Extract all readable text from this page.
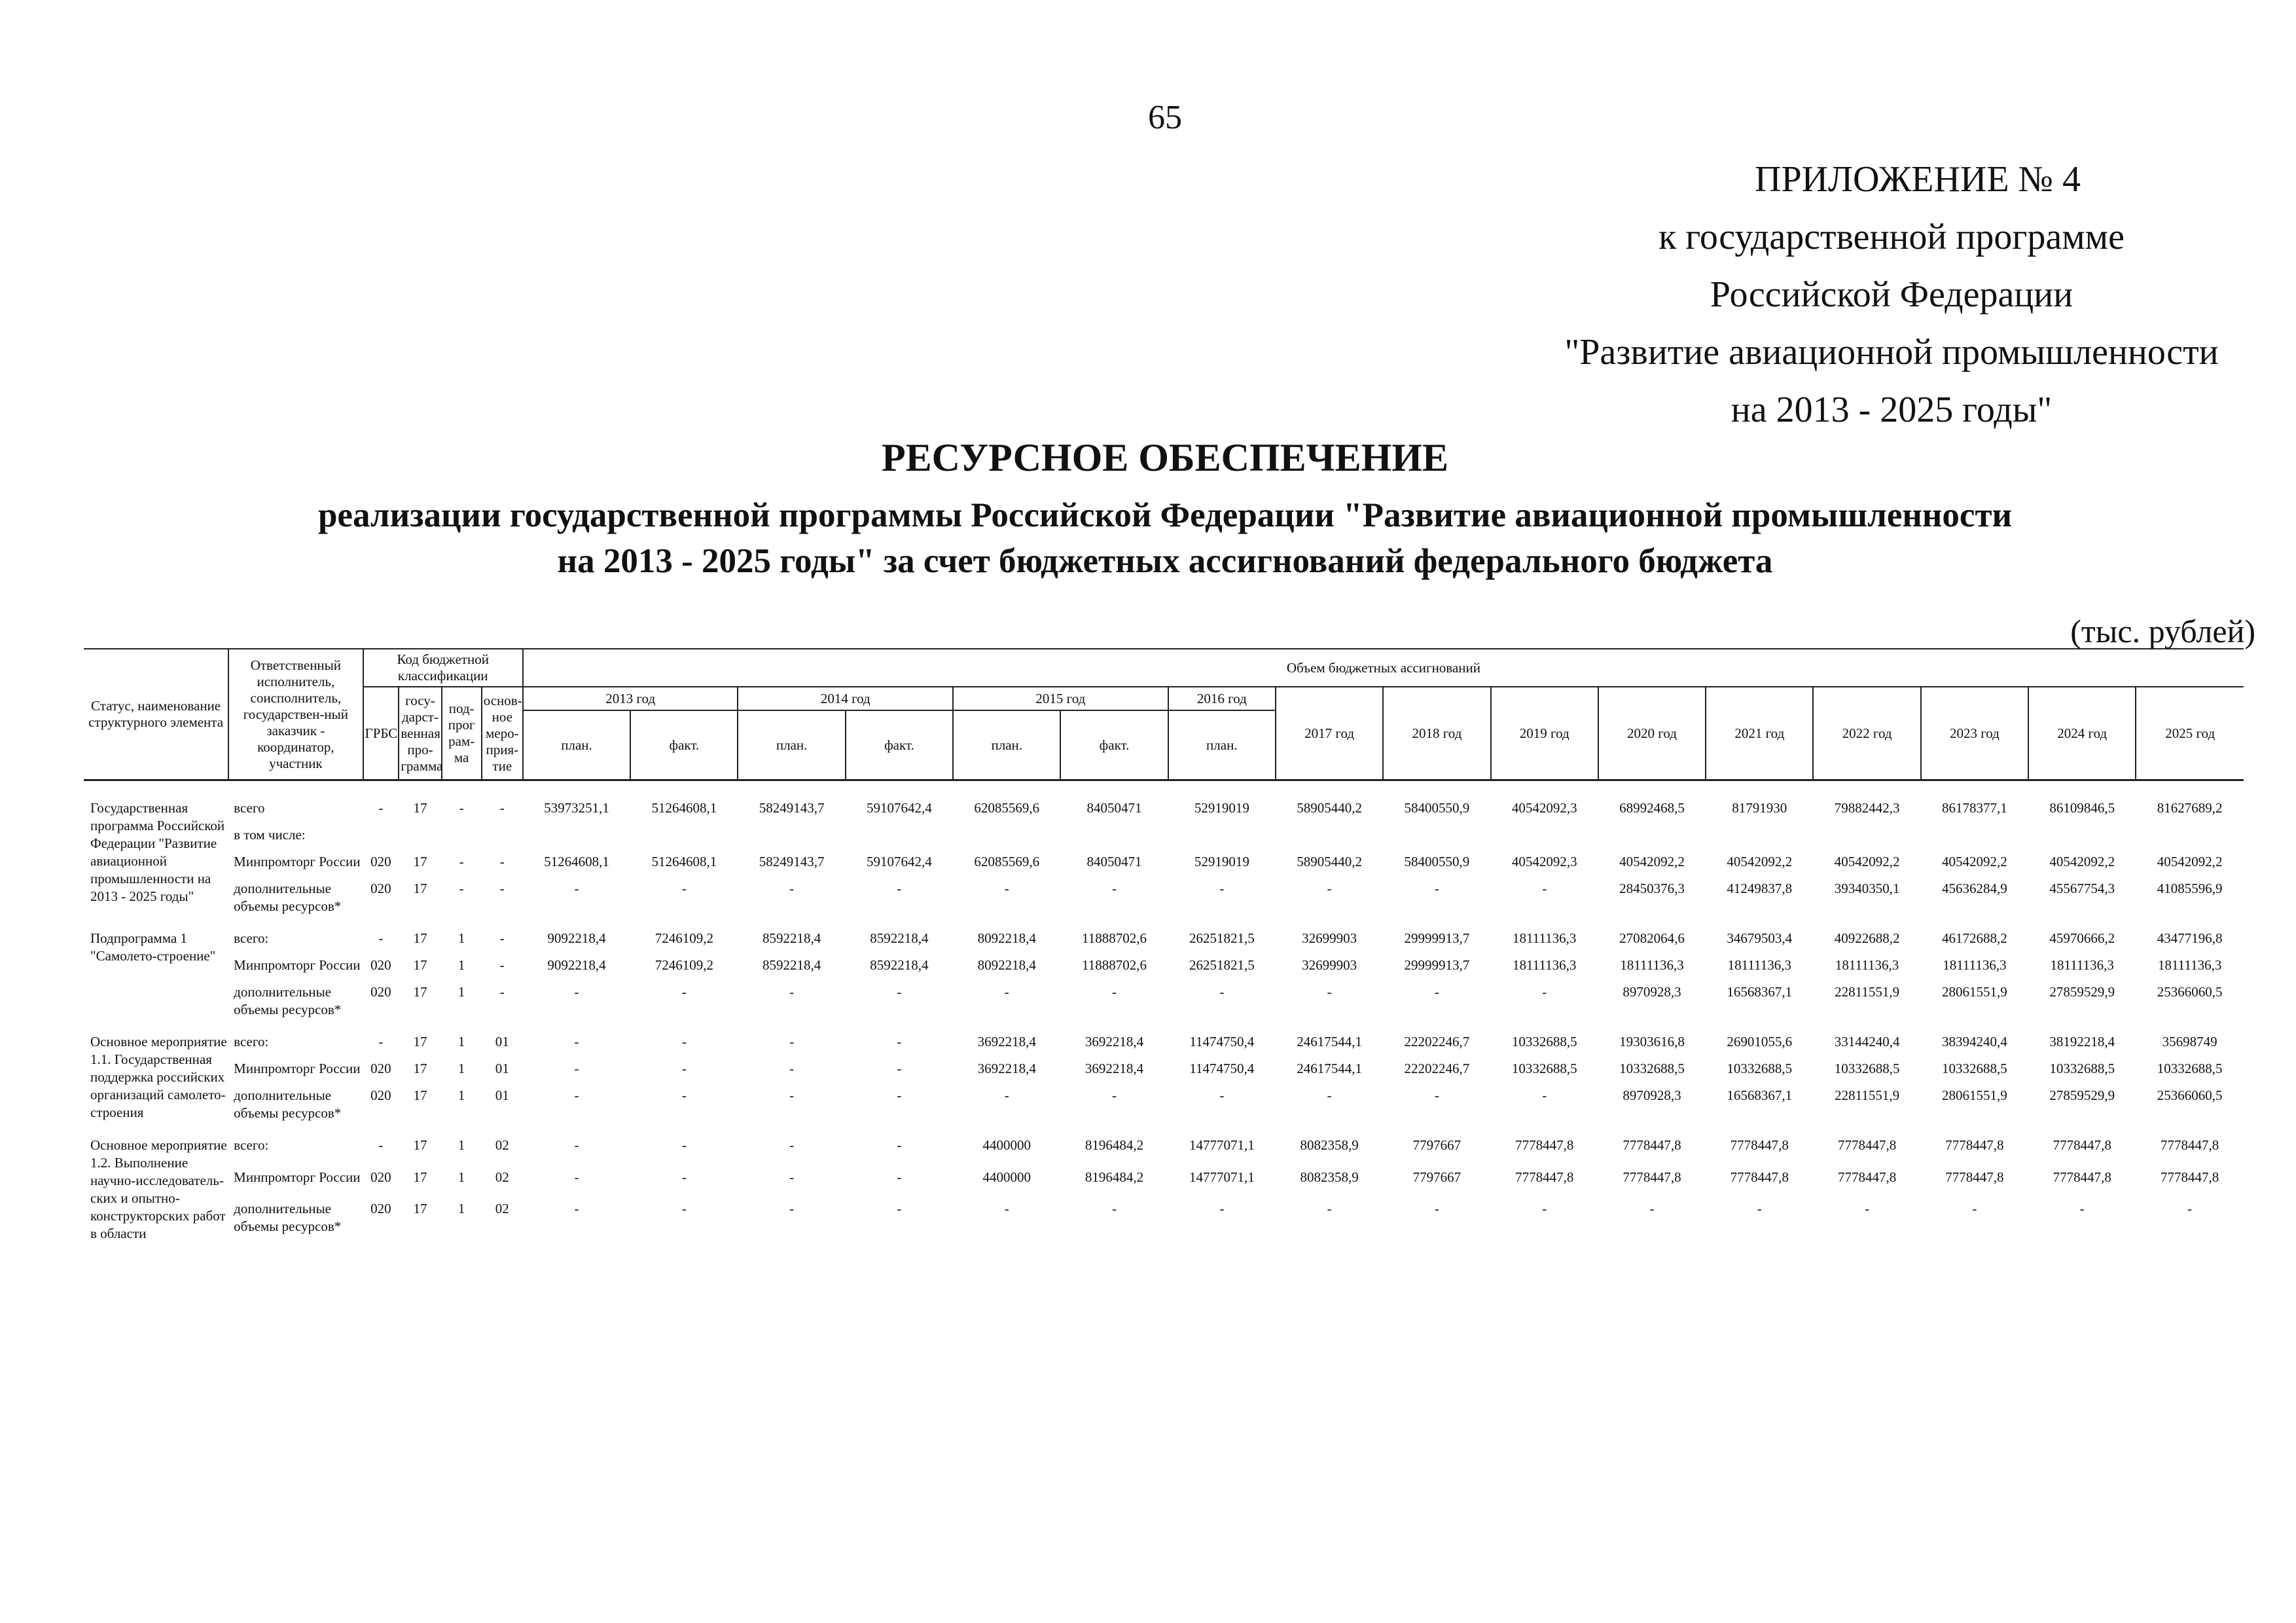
65
ПРИЛОЖЕНИЕ № 4
к государственной программе
Российской Федерации
"Развитие авиационной промышленности
на 2013 - 2025 годы"
РЕСУРСНОЕ ОБЕСПЕЧЕНИЕ
реализации государственной программы Российской Федерации "Развитие авиационной промышленности
на 2013 - 2025 годы" за счет бюджетных ассигнований федерального бюджета
(тыс. рублей)
Статус, наименование структурного элемента	Ответственный исполнитель, соисполнитель, государствен-ный заказчик - координатор, участник	Код бюджетной классификации				Объем бюджетных ассигнований															
		ГРБС	госу-дарст-венная про-грамма	под-прог рам-ма	основ-ное меро-прия-тие	2013 год		2014 год		2015 год		2016 год	2017 год	2018 год	2019 год	2020 год	2021 год	2022 год	2023 год	2024 год	2025 год
						план.	факт.	план.	факт.	план.	факт.	план.									
Государственная программа Российской Федерации "Развитие авиационной промышленности на 2013 - 2025 годы"	всего	-	17	-	-	53973251,1	51264608,1	58249143,7	59107642,4	62085569,6	84050471	52919019	58905440,2	58400550,9	40542092,3	68992468,5	81791930	79882442,3	86178377,1	86109846,5	81627689,2
	в том числе:																				
	Минпромторг России	020	17	-	-	51264608,1	51264608,1	58249143,7	59107642,4	62085569,6	84050471	52919019	58905440,2	58400550,9	40542092,3	40542092,2	40542092,2	40542092,2	40542092,2	40542092,2	40542092,2
	дополнительные объемы ресурсов*	020	17	-	-	-	-	-	-	-	-	-	-	-	-	28450376,3	41249837,8	39340350,1	45636284,9	45567754,3	41085596,9
Подпрограмма 1 "Самолето-строение"	всего:	-	17	1	-	9092218,4	7246109,2	8592218,4	8592218,4	8092218,4	11888702,6	26251821,5	32699903	29999913,7	18111136,3	27082064,6	34679503,4	40922688,2	46172688,2	45970666,2	43477196,8
	Минпромторг России	020	17	1	-	9092218,4	7246109,2	8592218,4	8592218,4	8092218,4	11888702,6	26251821,5	32699903	29999913,7	18111136,3	18111136,3	18111136,3	18111136,3	18111136,3	18111136,3	18111136,3
	дополнительные объемы ресурсов*	020	17	1	-	-	-	-	-	-	-	-	-	-	-	8970928,3	16568367,1	22811551,9	28061551,9	27859529,9	25366060,5
Основное мероприятие 1.1. Государственная поддержка российских организаций самолето-строения	всего:	-	17	1	01	-	-	-	-	3692218,4	3692218,4	11474750,4	24617544,1	22202246,7	10332688,5	19303616,8	26901055,6	33144240,4	38394240,4	38192218,4	35698749
	Минпромторг России	020	17	1	01	-	-	-	-	3692218,4	3692218,4	11474750,4	24617544,1	22202246,7	10332688,5	10332688,5	10332688,5	10332688,5	10332688,5	10332688,5	10332688,5
	дополнительные объемы ресурсов*	020	17	1	01	-	-	-	-	-	-	-	-	-	-	8970928,3	16568367,1	22811551,9	28061551,9	27859529,9	25366060,5
Основное мероприятие 1.2. Выполнение научно-исследователь-ских и опытно-конструкторских работ в области	всего:	-	17	1	02	-	-	-	-	4400000	8196484,2	14777071,1	8082358,9	7797667	7778447,8	7778447,8	7778447,8	7778447,8	7778447,8	7778447,8	7778447,8
	Минпромторг России	020	17	1	02	-	-	-	-	4400000	8196484,2	14777071,1	8082358,9	7797667	7778447,8	7778447,8	7778447,8	7778447,8	7778447,8	7778447,8	7778447,8
	дополнительные объемы ресурсов*	020	17	1	02	-	-	-	-	-	-	-	-	-	-	-	-	-	-	-	-
